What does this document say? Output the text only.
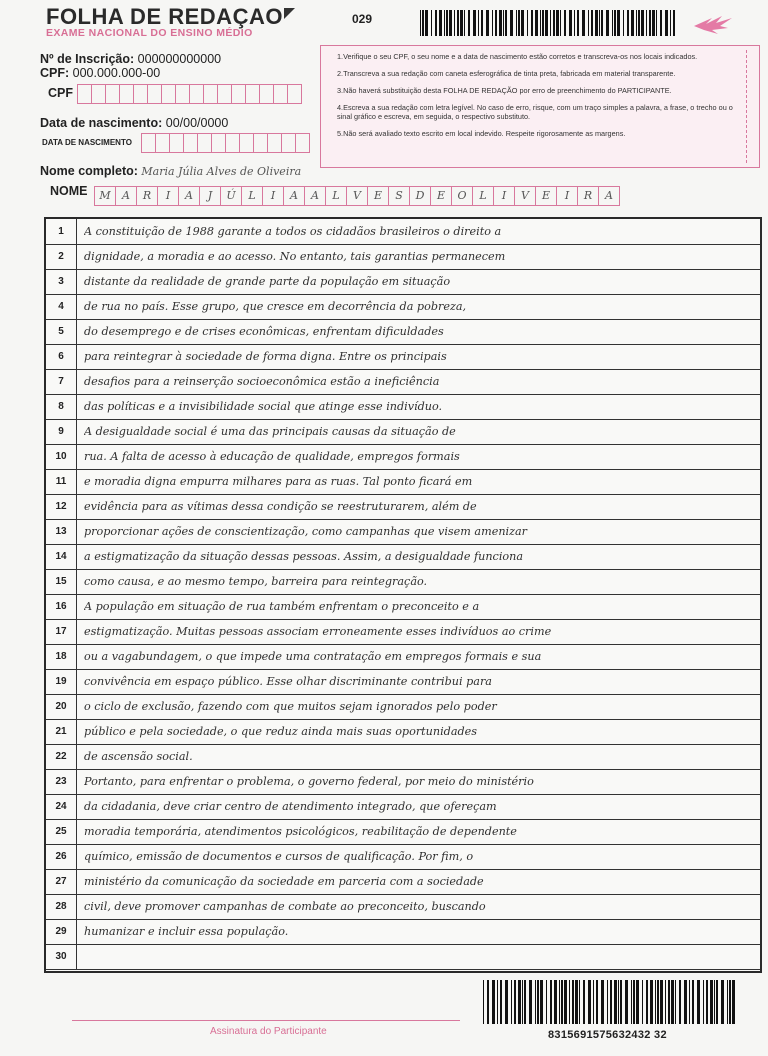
FOLHA DE REDAÇAO
EXAME NACIONAL DO ENSINO MÉDIO
029
Nº de Inscrição: 000000000000
CPF: 000.000.000-00
CPF
Data de nascimento: 00/00/0000
DATA DE NASCIMENTO
Nome completo: Maria Júlia Alves de Oliveira
NOME	M	A	R	I	A	J	Ú	L	I	A	A	L	V	E	S	D	E	O	L	I	V	E	I	R	A
1.Verifique o seu CPF, o seu nome e a data de nascimento estão corretos e transcreva-os nos locais indicados.
2.Transcreva a sua redação com caneta esferográfica de tinta preta, fabricada em material transparente.
3.Não haverá substituição desta FOLHA DE REDAÇÃO por erro de preenchimento do PARTICIPANTE.
4.Escreva a sua redação com letra legível. No caso de erro, risque, com um traço simples a palavra, a frase, o trecho ou o sinal gráfico e escreva, em seguida, o respectivo substituto.
5.Não será avaliado texto escrito em local indevido. Respeite rigorosamente as margens.
1	A constituição de 1988 garante a todos os cidadãos brasileiros o direito a
2	dignidade, a moradia e ao acesso. No entanto, tais garantias permanecem
3	distante da realidade de grande parte da população em situação
4	de rua no país. Esse grupo, que cresce em decorrência da pobreza,
5	do desemprego e de crises econômicas, enfrentam dificuldades
6	para reintegrar à sociedade de forma digna. Entre os principais
7	desafios para a reinserção socioeconômica estão a ineficiência
8	das políticas e a invisibilidade social que atinge esse indivíduo.
9	A desigualdade social é uma das principais causas da situação de
10	rua. A falta de acesso à educação de qualidade, empregos formais
11	e moradia digna empurra milhares para as ruas. Tal ponto ficará em
12	evidência para as vítimas dessa condição se reestruturarem, além de
13	proporcionar ações de conscientização, como campanhas que visem amenizar
14	a estigmatização da situação dessas pessoas. Assim, a desigualdade funciona
15	como causa, e ao mesmo tempo, barreira para reintegração.
16	A população em situação de rua também enfrentam o preconceito e a
17	estigmatização. Muitas pessoas associam erroneamente esses indivíduos ao crime
18	ou a vagabundagem, o que impede uma contratação em empregos formais e sua
19	convivência em espaço público. Esse olhar discriminante contribui para
20	o ciclo de exclusão, fazendo com que muitos sejam ignorados pelo poder
21	público e pela sociedade, o que reduz ainda mais suas oportunidades
22	de ascensão social.
23	Portanto, para enfrentar o problema, o governo federal, por meio do ministério
24	da cidadania, deve criar centro de atendimento integrado, que ofereçam
25	moradia temporária, atendimentos psicológicos, reabilitação de dependente
26	químico, emissão de documentos e cursos de qualificação. Por fim, o
27	ministério da comunicação da sociedade em parceria com a sociedade
28	civil, deve promover campanhas de combate ao preconceito, buscando
29	humanizar e incluir essa população.
30
Assinatura do Participante	8315691575632432 32
